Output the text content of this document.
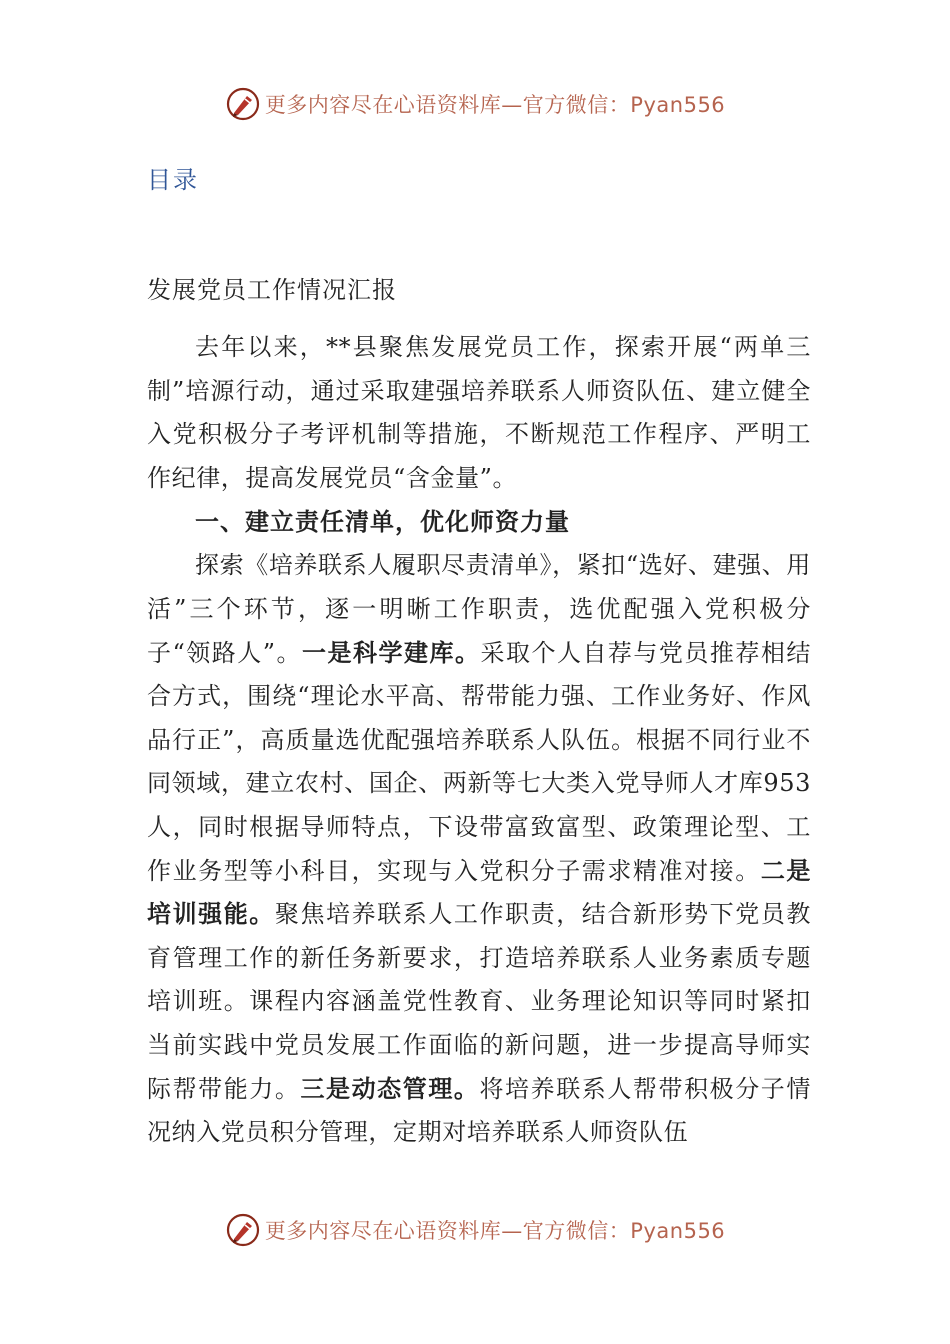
更多内容尽在心语资料库—官方微信：Pyan556
目录
发展党员工作情况汇报

去年以来，**县聚焦发展党员工作，探索开展“两单三制”培源行动，通过采取建强培养联系人师资队伍、建立健全入党积极分子考评机制等措施，不断规范工作程序、严明工作纪律，提高发展党员“含金量”。

一、建立责任清单，优化师资力量

探索《培养联系人履职尽责清单》，紧扣“选好、建强、用活”三个环节，逐一明晰工作职责，选优配强入党积极分子“领路人”。一是科学建库。采取个人自荐与党员推荐相结合方式，围绕“理论水平高、帮带能力强、工作业务好、作风品行正”，高质量选优配强培养联系人队伍。根据不同行业不同领域，建立农村、国企、两新等七大类入党导师人才库953人，同时根据导师特点，下设带富致富型、政策理论型、工作业务型等小科目，实现与入党积分子需求精准对接。二是培训强能。聚焦培养联系人工作职责，结合新形势下党员教育管理工作的新任务新要求，打造培养联系人业务素质专题培训班。课程内容涵盖党性教育、业务理论知识等同时紧扣当前实践中党员发展工作面临的新问题，进一步提高导师实际帮带能力。三是动态管理。将培养联系人帮带积极分子情况纳入党员积分管理，定期对培养联系人师资队伍

更多内容尽在心语资料库—官方微信：Pyan556
